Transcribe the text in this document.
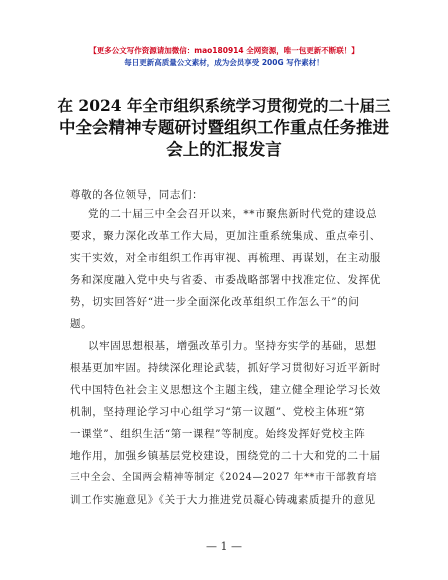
【更多公文写作资源请加微信：mao180914 全网资源，唯一包更新不断联！】
每日更新高质量公文素材，成为会员享受 200G 写作素材！
在 2024 年全市组织系统学习贯彻党的二十届三
中全会精神专题研讨暨组织工作重点任务推进
会上的汇报发言
尊敬的各位领导，同志们：
党的二十届三中全会召开以来，**市聚焦新时代党的建设总
要求，聚力深化改革工作大局，更加注重系统集成、重点牵引、
实干实效，对全市组织工作再审视、再梳理、再谋划，在主动服
务和深度融入党中央与省委、市委战略部署中找准定位、发挥优
势，切实回答好“进一步全面深化改革组织工作怎么干”的问
题。
以牢固思想根基，增强改革引力。坚持夯实学的基础，思想
根基更加牢固。持续深化理论武装，抓好学习贯彻好习近平新时
代中国特色社会主义思想这个主题主线，建立健全理论学习长效
机制，坚持理论学习中心组学习“第一议题”、党校主体班“第
一课堂”、组织生活“第一课程”等制度。始终发挥好党校主阵
地作用，加强乡镇基层党校建设，围绕党的二十大和党的二十届
三中全会、全国两会精神等制定《2024—2027 年**市干部教育培
训工作实施意见》《关于大力推进党员凝心铸魂素质提升的意见
— 1 —
